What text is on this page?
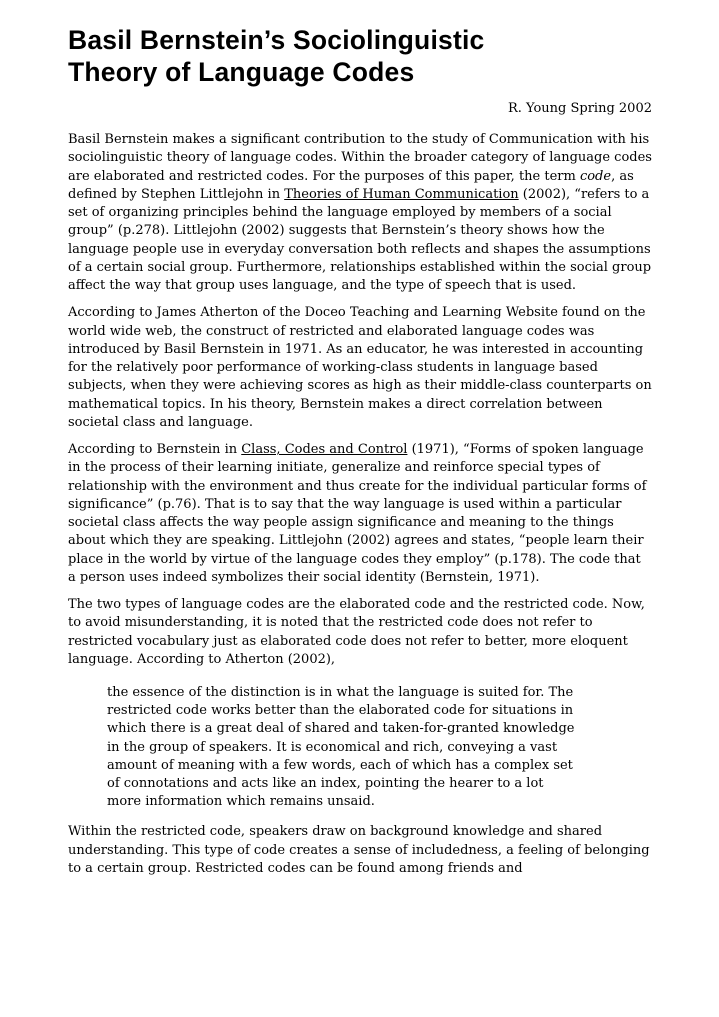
Basil Bernstein’s Sociolinguistic
Theory of Language Codes
R. Young Spring 2002

Basil Bernstein makes a significant contribution to the study of Communication with his sociolinguistic theory of language codes. Within the broader category of language codes are elaborated and restricted codes. For the purposes of this paper, the term code, as defined by Stephen Littlejohn in Theories of Human Communication (2002), “refers to a set of organizing principles behind the language employed by members of a social group” (p.278). Littlejohn (2002) suggests that Bernstein’s theory shows how the language people use in everyday conversation both reflects and shapes the assumptions of a certain social group. Furthermore, relationships established within the social group affect the way that group uses language, and the type of speech that is used.

According to James Atherton of the Doceo Teaching and Learning Website found on the world wide web, the construct of restricted and elaborated language codes was introduced by Basil Bernstein in 1971. As an educator, he was interested in accounting for the relatively poor performance of working-class students in language based subjects, when they were achieving scores as high as their middle-class counterparts on mathematical topics. In his theory, Bernstein makes a direct correlation between societal class and language.

According to Bernstein in Class, Codes and Control (1971), “Forms of spoken language in the process of their learning initiate, generalize and reinforce special types of relationship with the environment and thus create for the individual particular forms of significance” (p.76). That is to say that the way language is used within a particular societal class affects the way people assign significance and meaning to the things about which they are speaking. Littlejohn (2002) agrees and states, “people learn their place in the world by virtue of the language codes they employ” (p.178). The code that a person uses indeed symbolizes their social identity (Bernstein, 1971).

The two types of language codes are the elaborated code and the restricted code. Now, to avoid misunderstanding, it is noted that the restricted code does not refer to restricted vocabulary just as elaborated code does not refer to better, more eloquent language. According to Atherton (2002),

the essence of the distinction is in what the language is suited for. The
restricted code works better than the elaborated code for situations in
which there is a great deal of shared and taken-for-granted knowledge
in the group of speakers. It is economical and rich, conveying a vast
amount of meaning with a few words, each of which has a complex set
of connotations and acts like an index, pointing the hearer to a lot
more information which remains unsaid.

Within the restricted code, speakers draw on background knowledge and shared understanding. This type of code creates a sense of includedness, a feeling of belonging to a certain group. Restricted codes can be found among friends and
